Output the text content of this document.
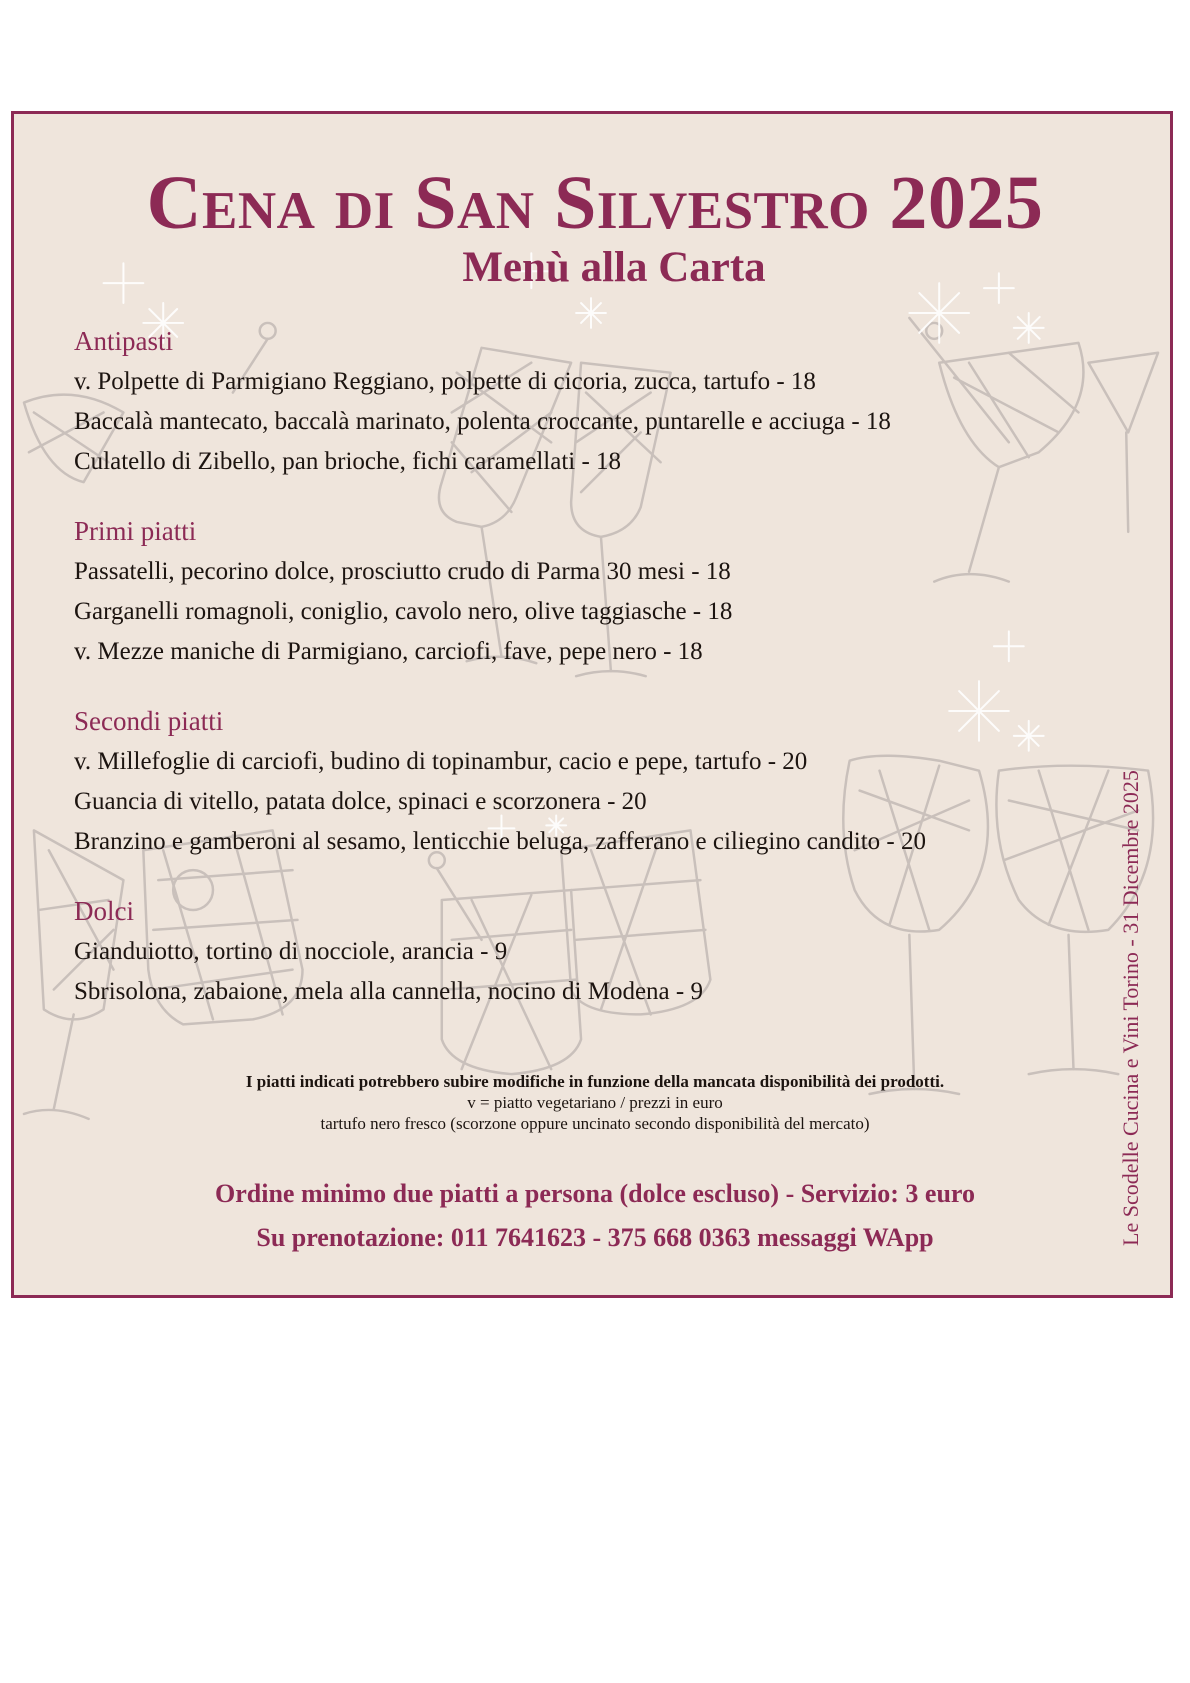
Cena di San Silvestro 2025
Menù alla Carta
Antipasti

v. Polpette di Parmigiano Reggiano, polpette di cicoria, zucca, tartufo - 18

Baccalà mantecato, baccalà marinato, polenta croccante, puntarelle e acciuga - 18

Culatello di Zibello, pan brioche, fichi caramellati - 18

Primi piatti

Passatelli, pecorino dolce, prosciutto crudo di Parma 30 mesi - 18

Garganelli romagnoli, coniglio, cavolo nero, olive taggiasche - 18

v. Mezze maniche di Parmigiano, carciofi, fave, pepe nero - 18

Secondi piatti

v. Millefoglie di carciofi, budino di topinambur, cacio e pepe, tartufo - 20

Guancia di vitello, patata dolce, spinaci e scorzonera - 20

Branzino e gamberoni al sesamo, lenticchie beluga, zafferano e ciliegino candito - 20

Dolci

Gianduiotto, tortino di nocciole, arancia - 9

Sbrisolona, zabaione, mela alla cannella, nocino di Modena - 9

I piatti indicati potrebbero subire modifiche in funzione della mancata disponibilità dei prodotti.

v = piatto vegetariano / prezzi in euro

tartufo nero fresco (scorzone oppure uncinato secondo disponibilità del mercato)

Ordine minimo due piatti a persona (dolce escluso) - Servizio: 3 euro

Su prenotazione: 011 7641623 - 375 668 0363 messaggi WApp	Le Scodelle Cucina e Vini Torino - 31 Dicembre 2025
